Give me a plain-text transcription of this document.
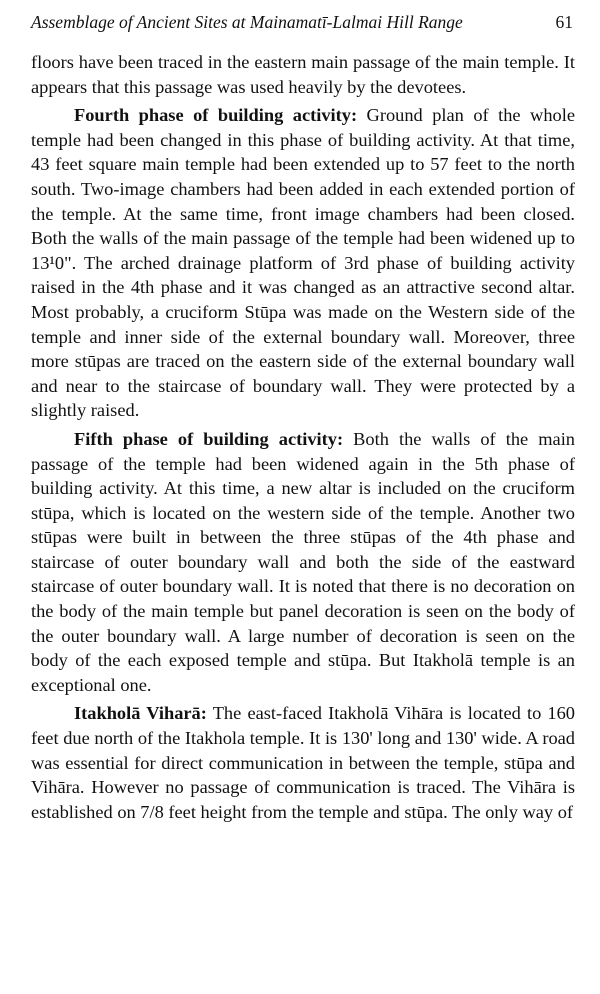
Assemblage of Ancient Sites at Mainamatī-Lalmai Hill Range	61

floors have been traced in the eastern main passage of the main temple. It appears that this passage was used heavily by the devotees.

Fourth phase of building activity: Ground plan of the whole temple had been changed in this phase of building activity. At that time, 43 feet square main temple had been extended up to 57 feet to the north south. Two-image chambers had been added in each extended portion of the temple. At the same time, front image chambers had been closed. Both the walls of the main passage of the temple had been widened up to 13¹0". The arched drainage platform of 3rd phase of building activity raised in the 4th phase and it was changed as an attractive second altar. Most probably, a cruciform Stūpa was made on the Western side of the temple and inner side of the external boundary wall. Moreover, three more stūpas are traced on the eastern side of the external boundary wall and near to the staircase of boundary wall. They were protected by a slightly raised.

Fifth phase of building activity: Both the walls of the main passage of the temple had been widened again in the 5th phase of building activity. At this time, a new altar is included on the cruciform stūpa, which is located on the western side of the temple. Another two stūpas were built in between the three stūpas of the 4th phase and staircase of outer boundary wall and both the side of the eastward staircase of outer boundary wall. It is noted that there is no decoration on the body of the main temple but panel decoration is seen on the body of the outer boundary wall. A large number of decoration is seen on the body of the each exposed temple and stūpa. But Itakholā temple is an exceptional one.

Itakholā Viharā: The east-faced Itakholā Vihāra is located to 160 feet due north of the Itakhola temple. It is 130' long and 130' wide. A road was essential for direct communication in between the temple, stūpa and Vihāra. However no passage of communication is traced. The Vihāra is established on 7/8 feet height from the temple and stūpa. The only way of
